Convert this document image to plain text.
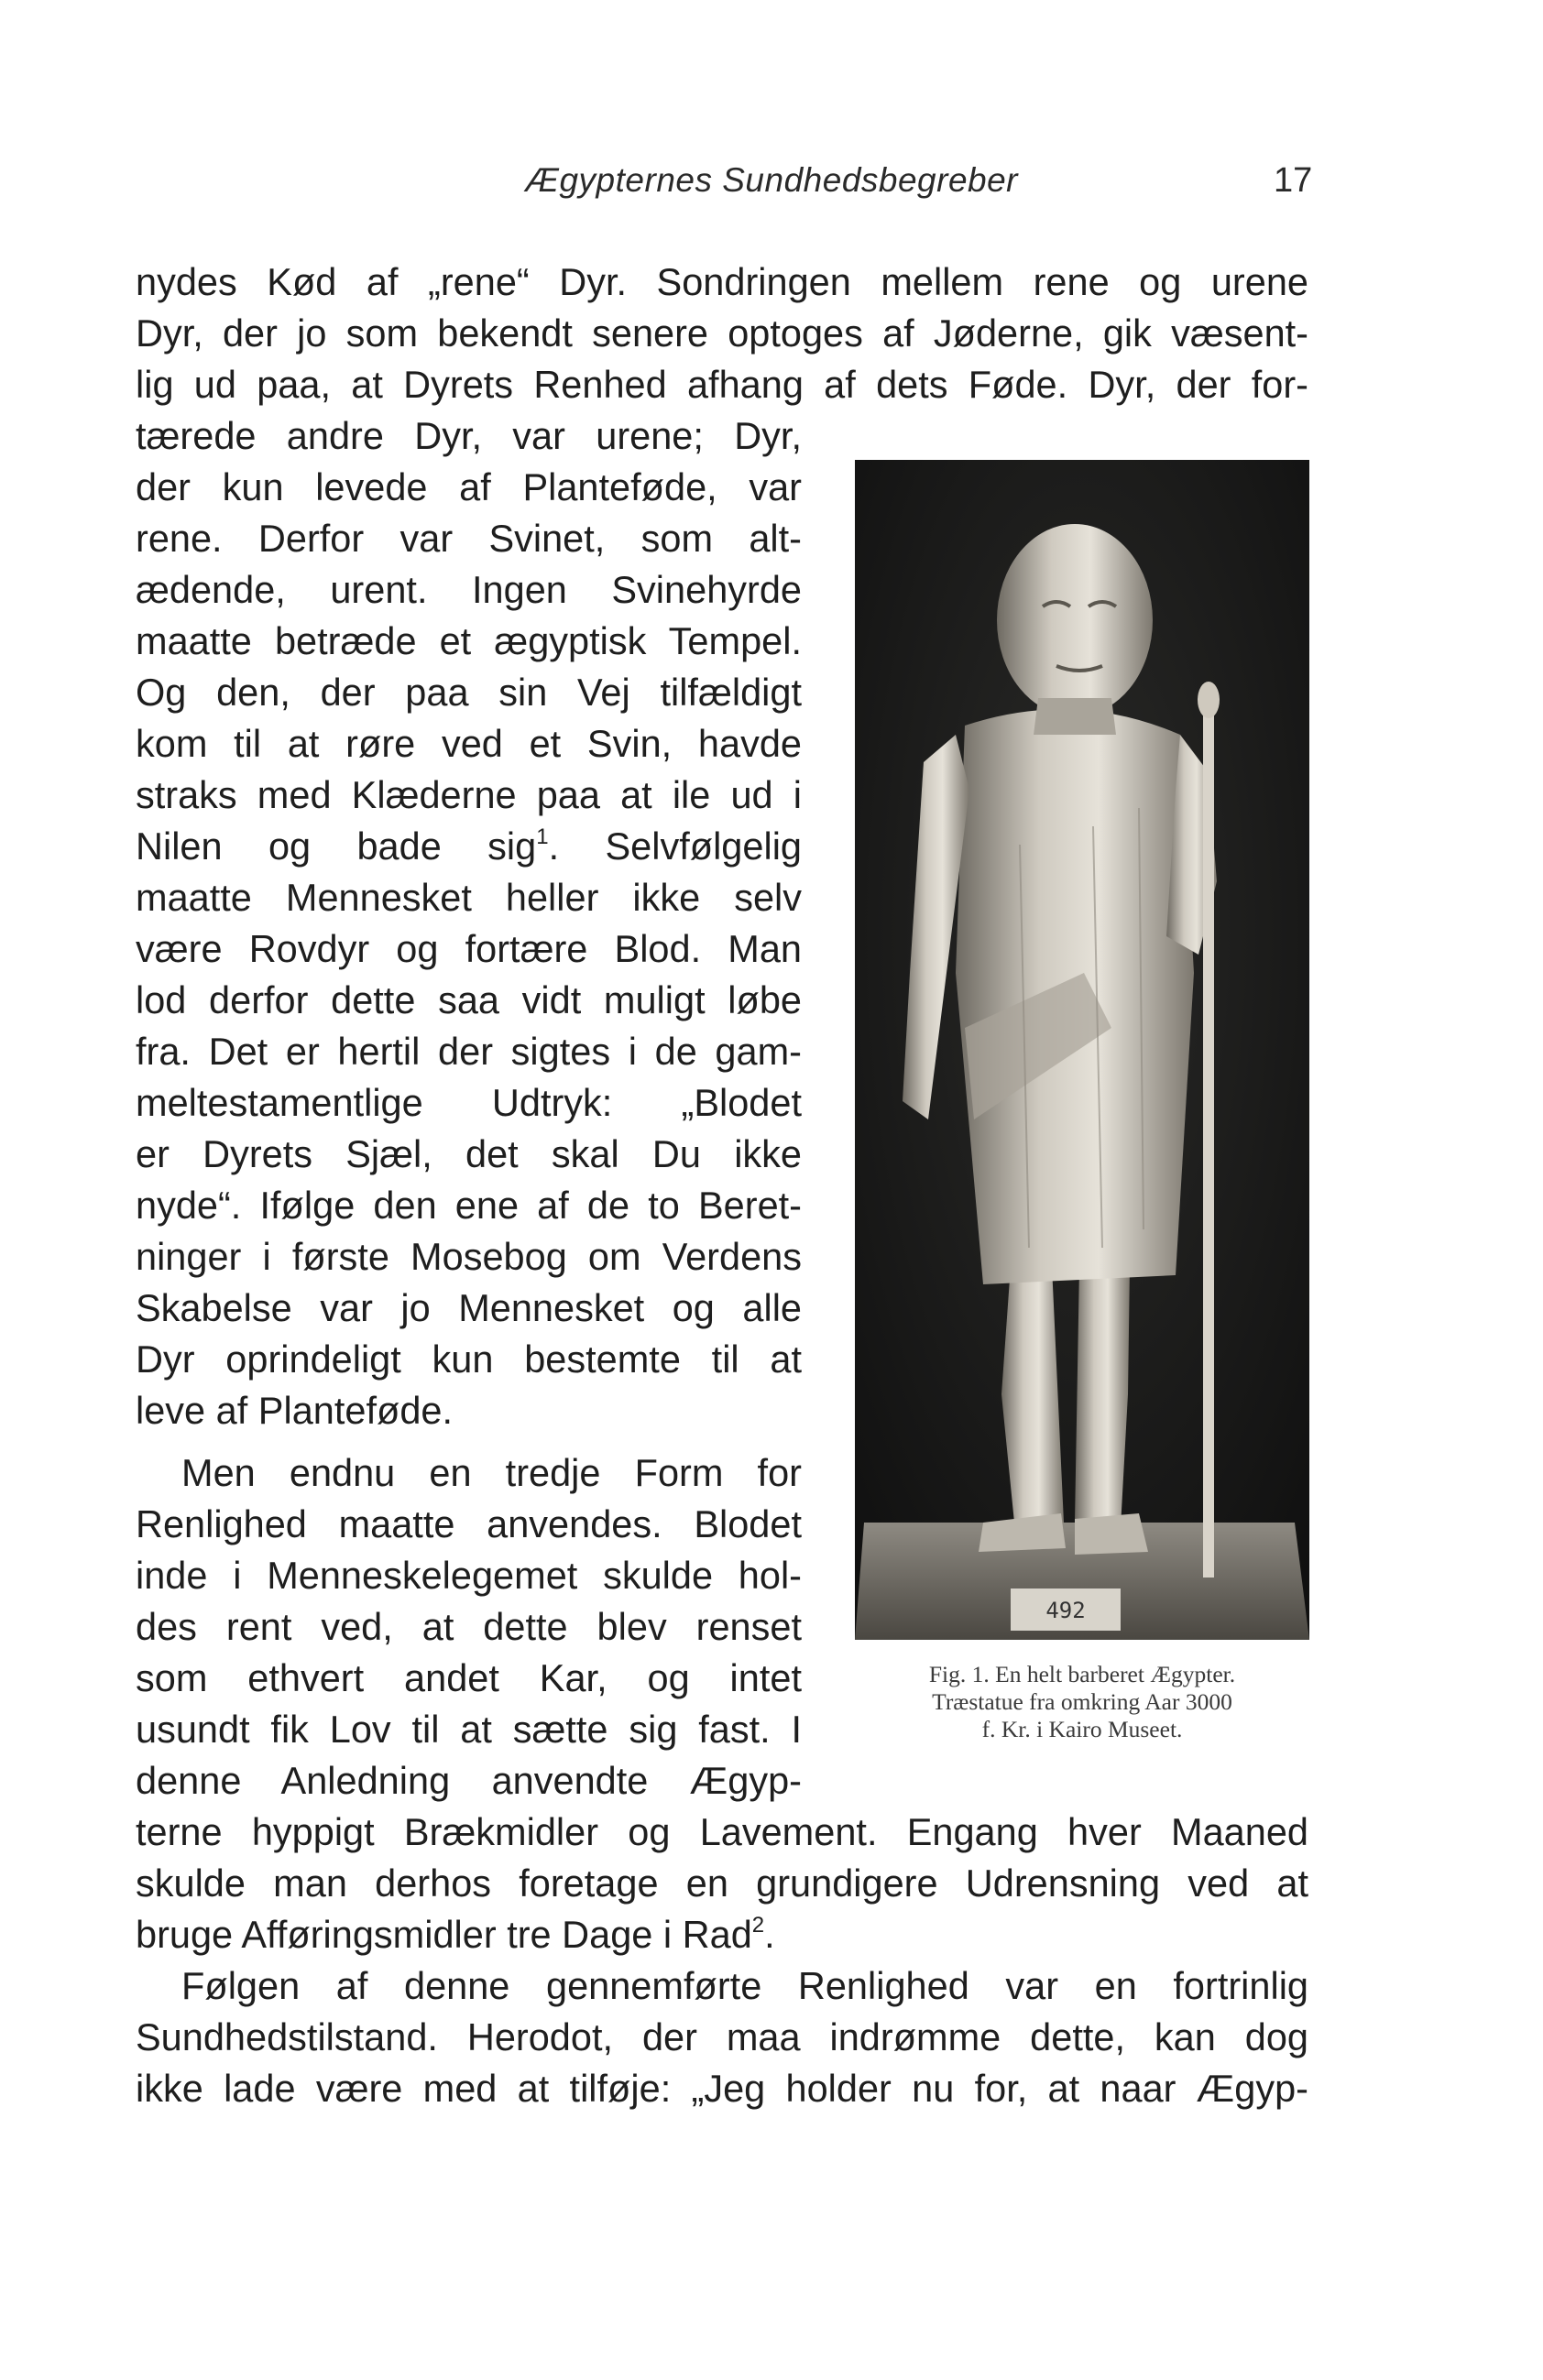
Ægypternes Sundhedsbegreber	17
nydes Kød af „rene“ Dyr. Sondringen mellem rene og urene
Dyr, der jo som bekendt senere optoges af Jøderne, gik væsent-
lig ud paa, at Dyrets Renhed afhang af dets Føde. Dyr, der for-
tærede andre Dyr, var urene; Dyr,
der kun levede af Plantefødе, var
rene. Derfor var Svinet, som alt-
ædende, urent. Ingen Svinehyrde
maatte betræde et ægyptisk Tempel.
Og den, der paa sin Vej tilfældigt
kom til at røre ved et Svin, havde
straks med Klæderne paa at ile ud i
Nilen og bade sig$^1$. Selvfølgelig
maatte Mennesket heller ikke selv
være Rovdyr og fortære Blod. Man
lod derfor dette saa vidt muligt løbe
fra. Det er hertil der sigtes i de gam-
meltestamentlige Udtryk: „Blodet
er Dyrets Sjæl, det skal Du ikke
nyde“. Ifølge den ene af de to Beret-
ninger i første Mosebog om Verdens
Skabelse var jo Mennesket og alle
Dyr oprindeligt kun bestemte til at
leve af Plantefødе.
Men endnu en tredje Form for
Renlighed maatte anvendes. Blodet
inde i Menneskelegemet skulde hol-
des rent ved, at dette blev renset
som ethvert andet Kar, og intet
usundt fik Lov til at sætte sig fast. I
denne Anledning anvendte Ægyp-
terne hyppigt Brækmidler og Lavement. Engang hver Maaned
skulde man derhos foretage en grundigere Udrensning ved at
bruge Afføringsmidler tre Dage i Rad$^2$.
Følgen af denne gennemførte Renlighed var en fortrinlig
Sundhedstilstand. Herodot, der maa indrømme dette, kan dog
ikke lade være med at tilføje: „Jeg holder nu for, at naar Ægyp-
492
Fig. 1. En helt barberet Ægypter.
Træstatue fra omkring Aar 3000
f. Kr. i Kairo Museet.
